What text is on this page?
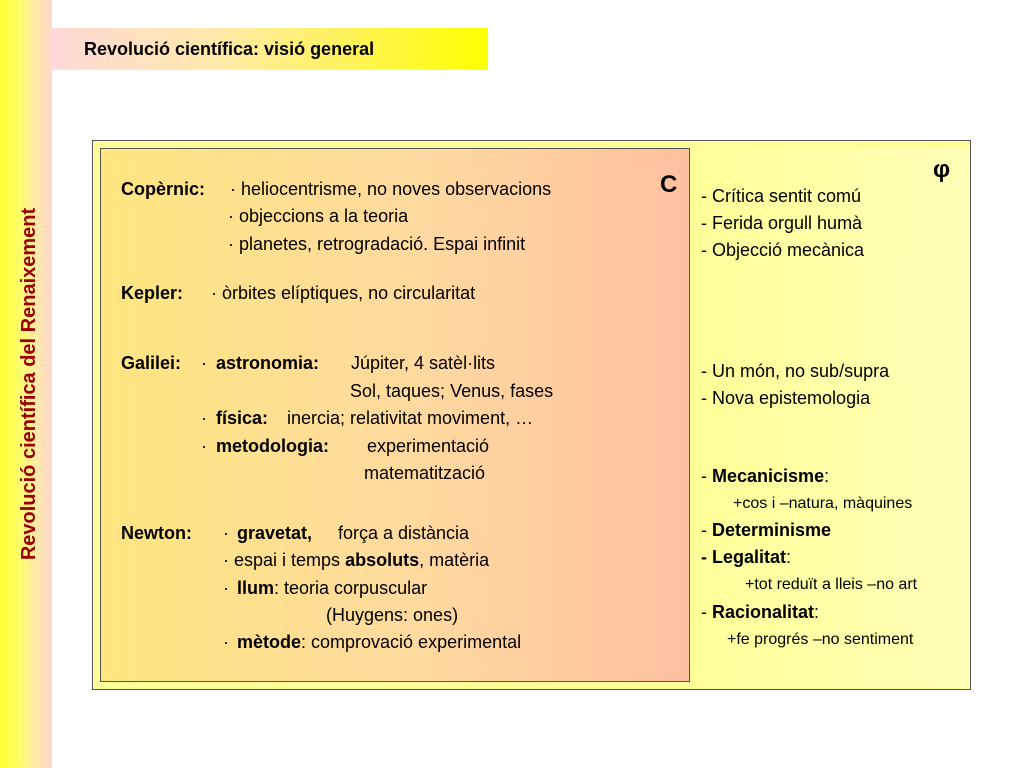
Revolució científica del Renaixement
Revolució científica: visió general
C
Copèrnic: · heliocentrisme, no noves observacions
· objeccions a la teoria
· planetes, retrogradació. Espai infinit
Kepler: · òrbites elíptiques, no circularitat
Galilei: · astronomia: Júpiter, 4 satèl·lits
Sol, taques; Venus, fases
· física: inercia; relativitat moviment, …
· metodologia: experimentació
matematització
Newton: · gravetat, força a distància
· espai i temps absoluts, matèria
· llum: teoria corpuscular
(Huygens: ones)
· mètode: comprovació experimental
φ
- Crítica sentit comú
- Ferida orgull humà
- Objecció mecànica
- Un món, no sub/supra
- Nova epistemologia
- Mecanicisme:
+cos i –natura, màquines
- Determinisme
- Legalitat:
+tot reduït a lleis –no art
- Racionalitat:
+fe progrés –no sentiment
